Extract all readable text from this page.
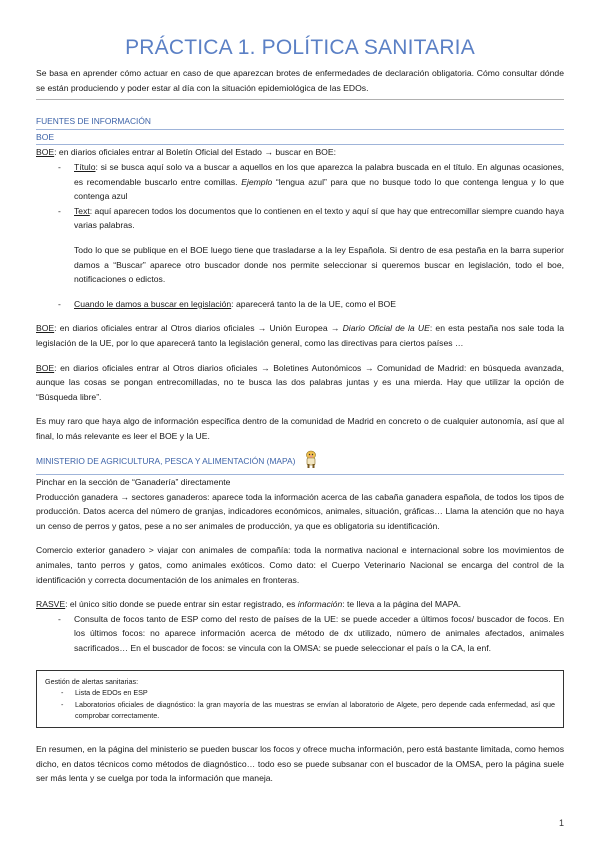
PRÁCTICA 1. POLÍTICA SANITARIA

Se basa en aprender cómo actuar en caso de que aparezcan brotes de enfermedades de declaración obligatoria. Cómo consultar dónde se están produciendo y poder estar al día con la situación epidemiológica de las EDOs.

FUENTES DE INFORMACIÓN
BOE

BOE: en diarios oficiales entrar al Boletín Oficial del Estado → buscar en BOE:

- Título: si se busca aquí solo va a buscar a aquellos en los que aparezca la palabra buscada en el título. En algunas ocasiones, es recomendable buscarlo entre comillas. Ejemplo “lengua azul” para que no busque todo lo que contenga lengua y lo que contenga azul
- Text: aquí aparecen todos los documentos que lo contienen en el texto y aquí sí que hay que entrecomillar siempre cuando haya varias palabras.

Todo lo que se publique en el BOE luego tiene que trasladarse a la ley Española. Si dentro de esa pestaña en la barra superior damos a “Buscar” aparece otro buscador donde nos permite seleccionar si queremos buscar en legislación, todo el boe, notificaciones o edictos.

- Cuando le damos a buscar en legislación: aparecerá tanto la de la UE, como el BOE

BOE: en diarios oficiales entrar al Otros diarios oficiales → Unión Europea → Diario Oficial de la UE: en esta pestaña nos sale toda la legislación de la UE, por lo que aparecerá tanto la legislación general, como las directivas para ciertos países …

BOE: en diarios oficiales entrar al Otros diarios oficiales → Boletines Autonómicos → Comunidad de Madrid: en búsqueda avanzada, aunque las cosas se pongan entrecomilladas, no te busca las dos palabras juntas y es una mierda. Hay que utilizar la opción de “Búsqueda libre”.

Es muy raro que haya algo de información específica dentro de la comunidad de Madrid en concreto o de cualquier autonomía, así que al final, lo más relevante es leer el BOE y la UE.

MINISTERIO DE AGRICULTURA, PESCA Y ALIMENTACIÓN (MAPA)

Pinchar en la sección de “Ganadería” directamente

Producción ganadera → sectores ganaderos: aparece toda la información acerca de las cabaña ganadera española, de todos los tipos de producción. Datos acerca del número de granjas, indicadores económicos, animales, situación, gráficas… Llama la atención que no haya un censo de perros y gatos, pese a no ser animales de producción, ya que es obligatoria su identificación.

Comercio exterior ganadero > viajar con animales de compañía: toda la normativa nacional e internacional sobre los movimientos de animales, tanto perros y gatos, como animales exóticos. Como dato: el Cuerpo Veterinario Nacional se encarga del control de la identificación y correcta documentación de los animales en fronteras.

RASVE: el único sitio donde se puede entrar sin estar registrado, es información: te lleva a la página del MAPA.

- Consulta de focos tanto de ESP como del resto de países de la UE: se puede acceder a últimos focos/ buscador de focos. En los últimos focos: no aparece información acerca de método de dx utilizado, número de animales afectados, animales sacrificados… En el buscador de focos: se vincula con la OMSA: se puede seleccionar el país o la CA, la enf.

Gestión de alertas sanitarias:

- Lista de EDOs en ESP
- Laboratorios oficiales de diagnóstico: la gran mayoría de las muestras se envían al laboratorio de Algete, pero depende cada enfermedad, así que comprobar correctamente.

En resumen, en la página del ministerio se pueden buscar los focos y ofrece mucha información, pero está bastante limitada, como hemos dicho, en datos técnicos como métodos de diagnóstico… todo eso se puede subsanar con el buscador de la OMSA, pero la página suele ser más lenta y se cuelga por toda la información que maneja.

1
